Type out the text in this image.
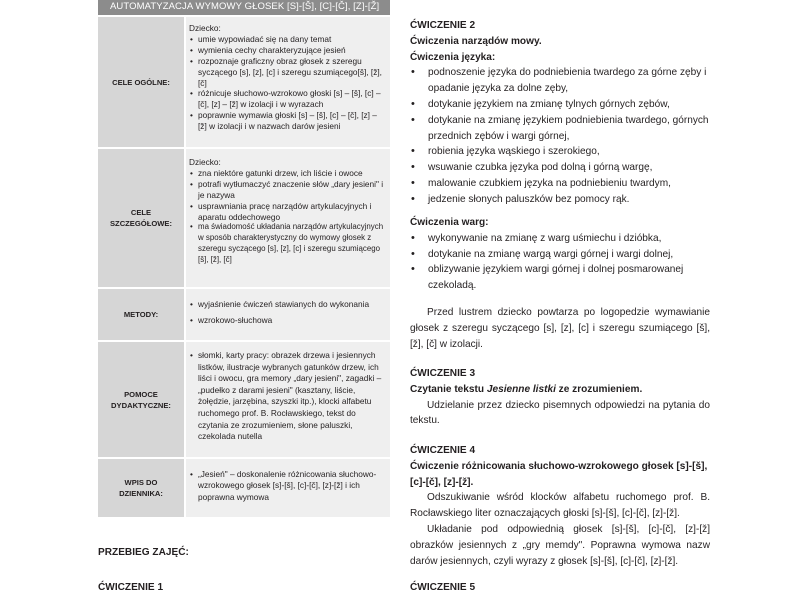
AUTOMATYZACJA WYMOWY GŁOSEK [S]-[Š], [C]-[Č], [Z]-[Ž]
CELE OGÓLNE:
Dziecko:
• umie wypowiadać się na dany temat
• wymienia cechy charakteryzujące jesień
• rozpoznaje graficzny obraz głosek z szeregu syczącego [s], [z], [c] i szeregu szumiącego[š], [ž], [č]
• różnicuje słuchowo-wzrokowo głoski [s] – [š], [c] – [č], [z] – [ž] w izolacji i w wyrazach
• poprawnie wymawia głoski [s] – [š], [c] – [č], [z] – [ž] w izolacji i w nazwach darów jesieni
CELE
SZCZEGÓŁOWE:
Dziecko:
• zna niektóre gatunki drzew, ich liście i owoce
• potrafi wytłumaczyć znaczenie słów „dary jesieni" i je nazywa
• usprawniania pracę narządów artykulacyjnych i aparatu oddechowego
• ma świadomość układania narządów artykulacyjnych w sposób charakterystyczny do wymowy głosek z szeregu syczącego [s], [z], [c] i szeregu szumiącego [š], [ž], [č]
METODY:
• wyjaśnienie ćwiczeń stawianych do wykonania
• wzrokowo-słuchowa
POMOCE
DYDAKTYCZNE:
• słomki, karty pracy: obrazek drzewa i jesiennych listków, ilustracje wybranych gatunków drzew, ich liści i owocu, gra memory „dary jesieni", zagadki – „pudełko z darami jesieni" (kasztany, liście, żołędzie, jarzębina, szyszki itp.), klocki alfabetu ruchomego prof. B. Rocławskiego, tekst do czytania ze zrozumieniem, słone paluszki, czekolada nutella
WPIS DO
DZIENNIKA:
• „Jesień" – doskonalenie różnicowania słuchowo-wzrokowego głosek [s]-[š], [c]-[č], [z]-[ž] i ich poprawna wymowa
PRZEBIEG ZAJĘĆ:
ĆWICZENIE 1

ĆWICZENIE 2

Ćwiczenia narządów mowy.

Ćwiczenia języka:

• podnoszenie języka do podniebienia twardego za górne zęby i opadanie języka za dolne zęby,
• dotykanie językiem na zmianę tylnych górnych zębów,
• dotykanie na zmianę językiem podniebienia twardego, górnych przednich zębów i wargi górnej,
• robienia języka wąskiego i szerokiego,
• wsuwanie czubka języka pod dolną i górną wargę,
• malowanie czubkiem języka na podniebieniu twardym,
• jedzenie słonych paluszków bez pomocy rąk.

Ćwiczenia warg:

• wykonywanie na zmianę z warg uśmiechu i dzióbka,
• dotykanie na zmianę wargą wargi górnej i wargi dolnej,
• oblizywanie językiem wargi górnej i dolnej posmarowanej czekoladą.

Przed lustrem dziecko powtarza po logopedzie wymawianie głosek z szeregu syczącego [s], [z], [c] i szeregu szumiącego [š], [ž], [č] w izolacji.

ĆWICZENIE 3

Czytanie tekstu Jesienne listki ze zrozumieniem.

Udzielanie przez dziecko pisemnych odpowiedzi na pytania do tekstu.

ĆWICZENIE 4

Ćwiczenie różnicowania słuchowo-wzrokowego głosek [s]-[š], [c]-[č], [z]-[ž].

Odszukiwanie wśród klocków alfabetu ruchomego prof. B. Rocławskiego liter oznaczających głoski [s]-[š], [c]-[č], [z]-[ž].

Układanie pod odpowiednią głosek [s]-[š], [c]-[č], [z]-[ž] obrazków jesiennych z „gry memdy". Poprawna wymowa nazw darów jesiennych, czyli wyrazy z głosek [s]-[š], [c]-[č], [z]-[ž].

ĆWICZENIE 5
